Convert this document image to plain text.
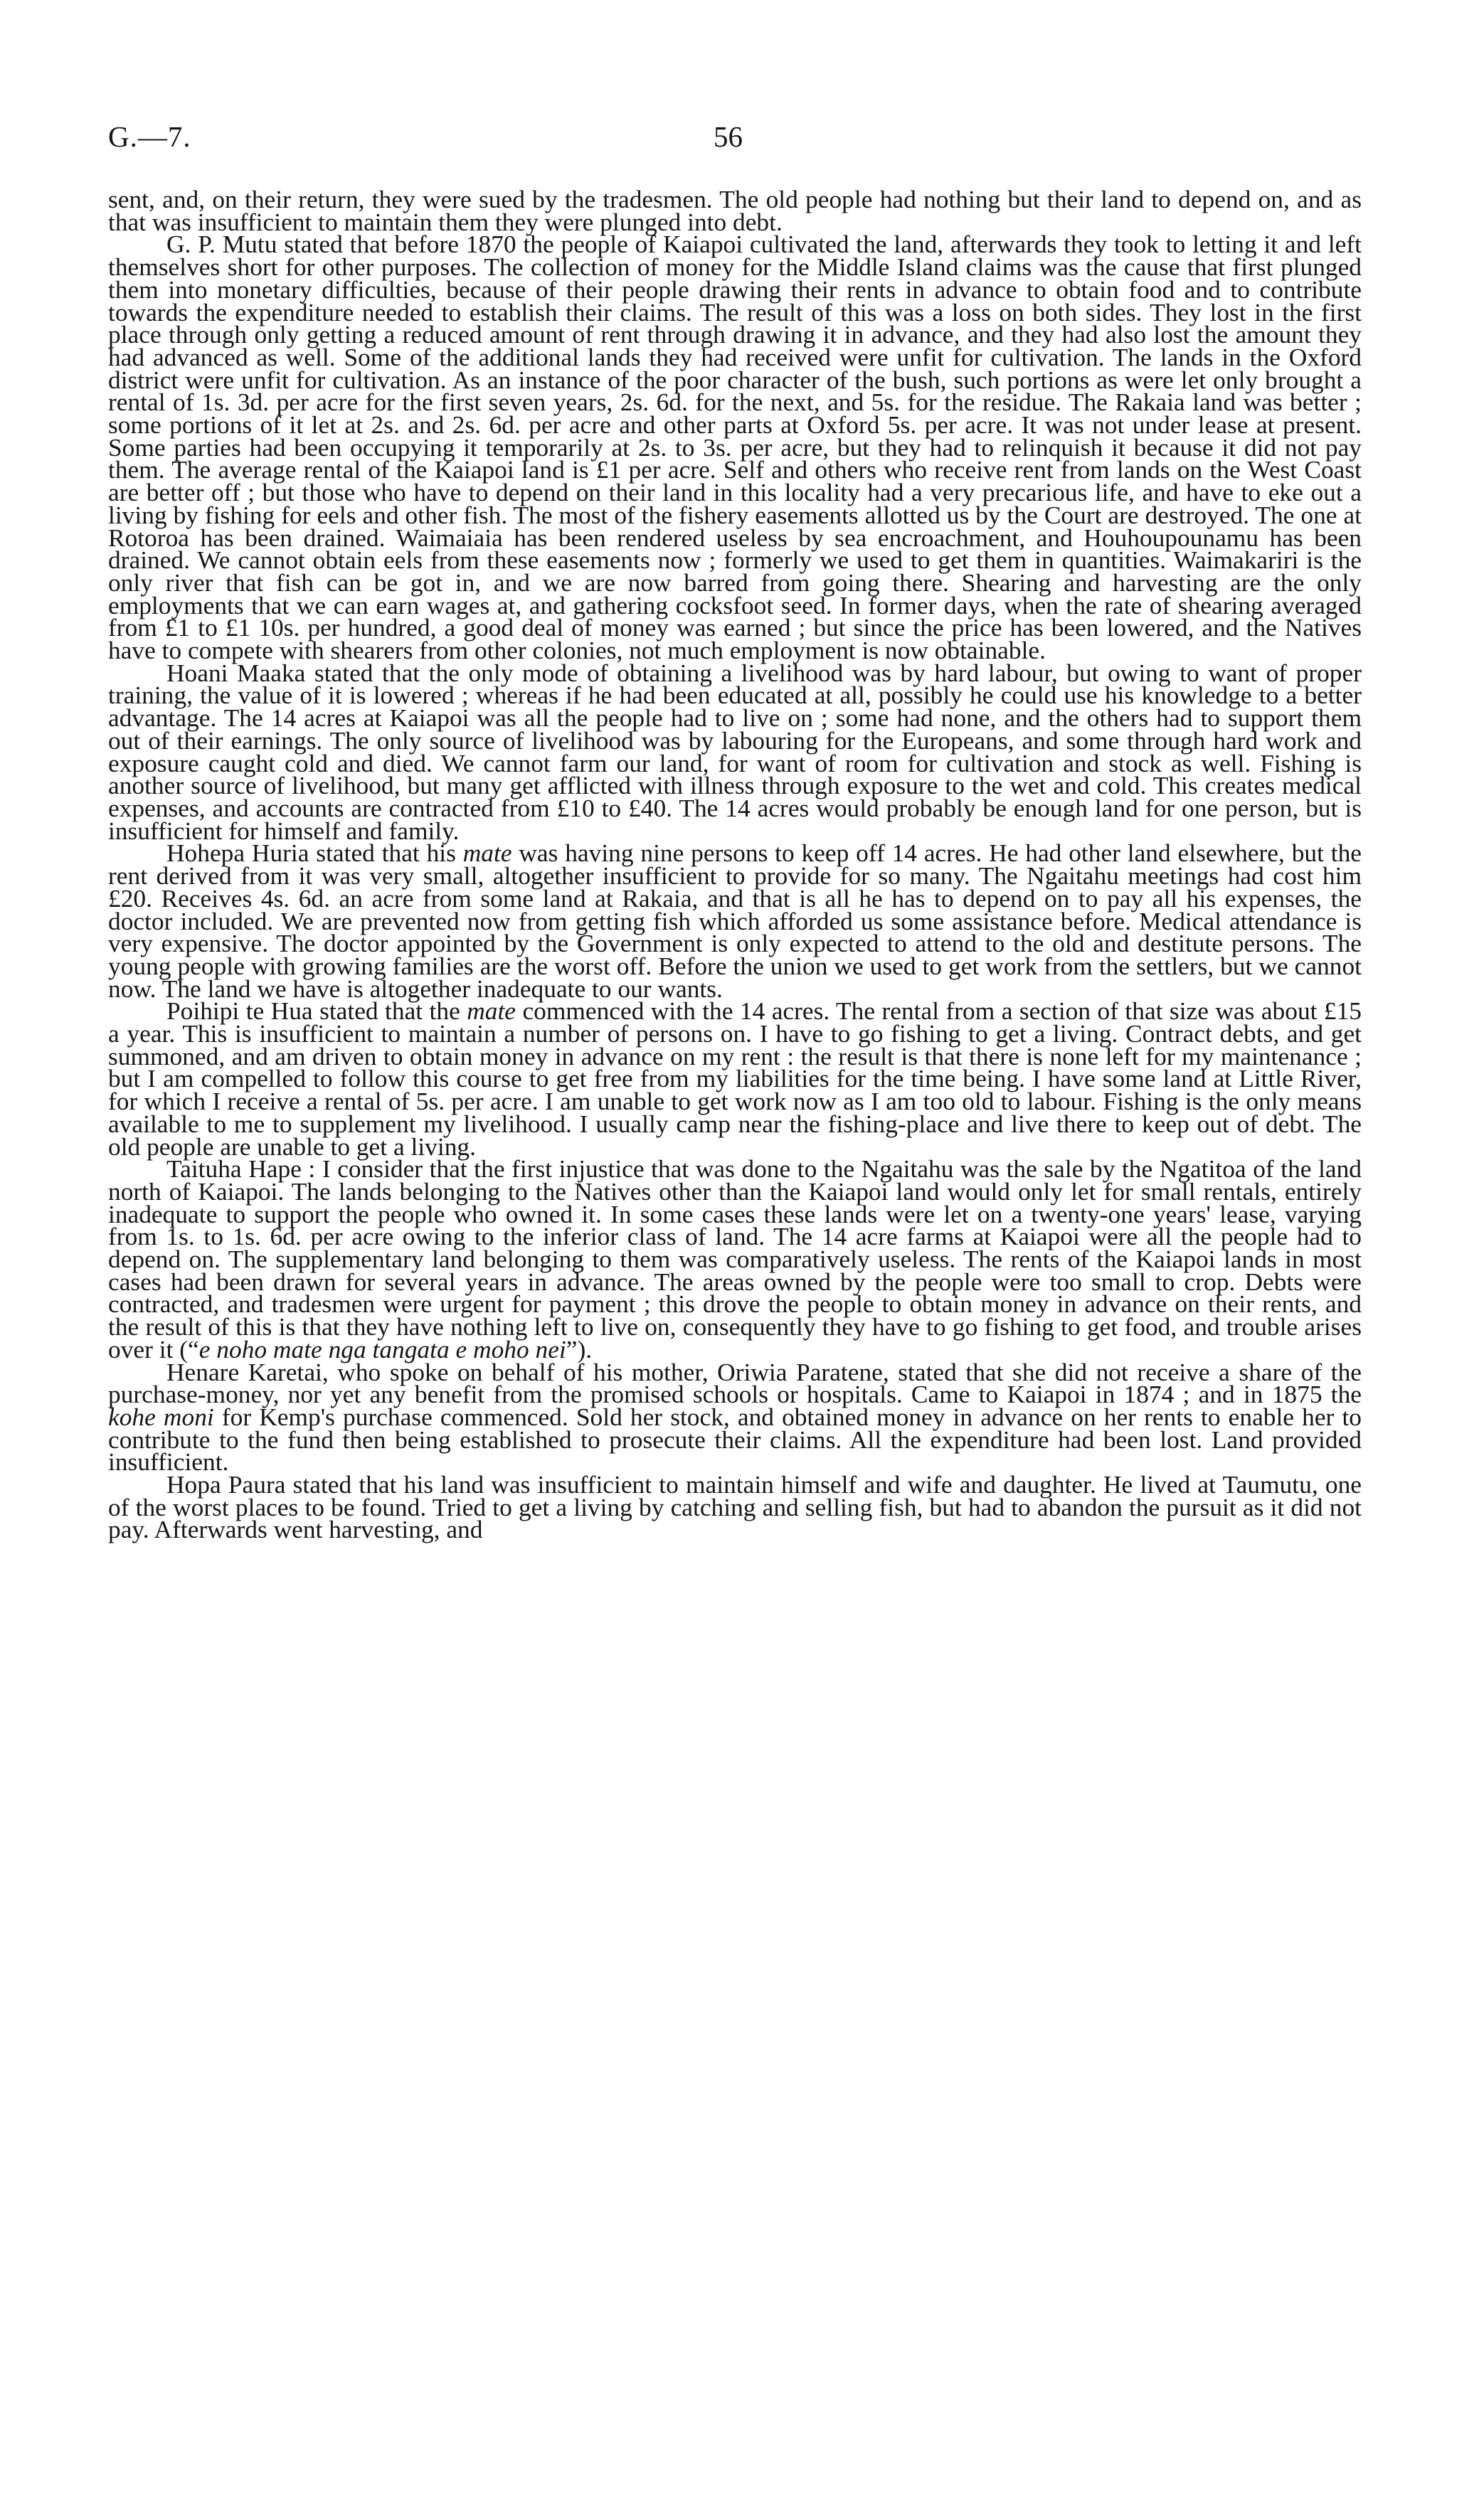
G.—7.	56

sent, and, on their return, they were sued by the tradesmen. The old people had nothing but their land to depend on, and as that was insufficient to maintain them they were plunged into debt.

G. P. Mutu stated that before 1870 the people of Kaiapoi cultivated the land, afterwards they took to letting it and left themselves short for other purposes. The collection of money for the Middle Island claims was the cause that first plunged them into monetary difficulties, because of their people drawing their rents in advance to obtain food and to contribute towards the expenditure needed to establish their claims. The result of this was a loss on both sides. They lost in the first place through only getting a reduced amount of rent through drawing it in advance, and they had also lost the amount they had advanced as well. Some of the additional lands they had received were unfit for cultivation. The lands in the Oxford district were unfit for cultivation. As an instance of the poor character of the bush, such portions as were let only brought a rental of 1s. 3d. per acre for the first seven years, 2s. 6d. for the next, and 5s. for the residue. The Rakaia land was better ; some portions of it let at 2s. and 2s. 6d. per acre and other parts at Oxford 5s. per acre. It was not under lease at present. Some parties had been occupying it temporarily at 2s. to 3s. per acre, but they had to relinquish it because it did not pay them. The average rental of the Kaiapoi land is £1 per acre. Self and others who receive rent from lands on the West Coast are better off ; but those who have to depend on their land in this locality had a very precarious life, and have to eke out a living by fishing for eels and other fish. The most of the fishery easements allotted us by the Court are destroyed. The one at Rotoroa has been drained. Waimaiaia has been rendered useless by sea encroachment, and Houhoupounamu has been drained. We cannot obtain eels from these easements now ; formerly we used to get them in quantities. Waimakariri is the only river that fish can be got in, and we are now barred from going there. Shearing and harvesting are the only employments that we can earn wages at, and gathering cocksfoot seed. In former days, when the rate of shearing averaged from £1 to £1 10s. per hundred, a good deal of money was earned ; but since the price has been lowered, and the Natives have to compete with shearers from other colonies, not much employment is now obtainable.

Hoani Maaka stated that the only mode of obtaining a livelihood was by hard labour, but owing to want of proper training, the value of it is lowered ; whereas if he had been educated at all, possibly he could use his knowledge to a better advantage. The 14 acres at Kaiapoi was all the people had to live on ; some had none, and the others had to support them out of their earnings. The only source of livelihood was by labouring for the Europeans, and some through hard work and exposure caught cold and died. We cannot farm our land, for want of room for cultivation and stock as well. Fishing is another source of livelihood, but many get afflicted with illness through exposure to the wet and cold. This creates medical expenses, and accounts are contracted from £10 to £40. The 14 acres would probably be enough land for one person, but is insufficient for himself and family.

Hohepa Huria stated that his mate was having nine persons to keep off 14 acres. He had other land elsewhere, but the rent derived from it was very small, altogether insufficient to provide for so many. The Ngaitahu meetings had cost him £20. Receives 4s. 6d. an acre from some land at Rakaia, and that is all he has to depend on to pay all his expenses, the doctor included. We are prevented now from getting fish which afforded us some assistance before. Medical attendance is very expensive. The doctor appointed by the Government is only expected to attend to the old and destitute persons. The young people with growing families are the worst off. Before the union we used to get work from the settlers, but we cannot now. The land we have is altogether inadequate to our wants.

Poihipi te Hua stated that the mate commenced with the 14 acres. The rental from a section of that size was about £15 a year. This is insufficient to maintain a number of persons on. I have to go fishing to get a living. Contract debts, and get summoned, and am driven to obtain money in advance on my rent : the result is that there is none left for my maintenance ; but I am compelled to follow this course to get free from my liabilities for the time being. I have some land at Little River, for which I receive a rental of 5s. per acre. I am unable to get work now as I am too old to labour. Fishing is the only means available to me to supplement my livelihood. I usually camp near the fishing-place and live there to keep out of debt. The old people are unable to get a living.

Taituha Hape : I consider that the first injustice that was done to the Ngaitahu was the sale by the Ngatitoa of the land north of Kaiapoi. The lands belonging to the Natives other than the Kaiapoi land would only let for small rentals, entirely inadequate to support the people who owned it. In some cases these lands were let on a twenty-one years' lease, varying from 1s. to 1s. 6d. per acre owing to the inferior class of land. The 14 acre farms at Kaiapoi were all the people had to depend on. The supplementary land belonging to them was comparatively useless. The rents of the Kaiapoi lands in most cases had been drawn for several years in advance. The areas owned by the people were too small to crop. Debts were contracted, and tradesmen were urgent for payment ; this drove the people to obtain money in advance on their rents, and the result of this is that they have nothing left to live on, consequently they have to go fishing to get food, and trouble arises over it (“e noho mate nga tangata e moho nei”).

Henare Karetai, who spoke on behalf of his mother, Oriwia Paratene, stated that she did not receive a share of the purchase-money, nor yet any benefit from the promised schools or hospitals. Came to Kaiapoi in 1874 ; and in 1875 the kohe moni for Kemp's purchase commenced. Sold her stock, and obtained money in advance on her rents to enable her to contribute to the fund then being established to prosecute their claims. All the expenditure had been lost. Land provided insufficient.

Hopa Paura stated that his land was insufficient to maintain himself and wife and daughter. He lived at Taumutu, one of the worst places to be found. Tried to get a living by catching and selling fish, but had to abandon the pursuit as it did not pay. Afterwards went harvesting, and
